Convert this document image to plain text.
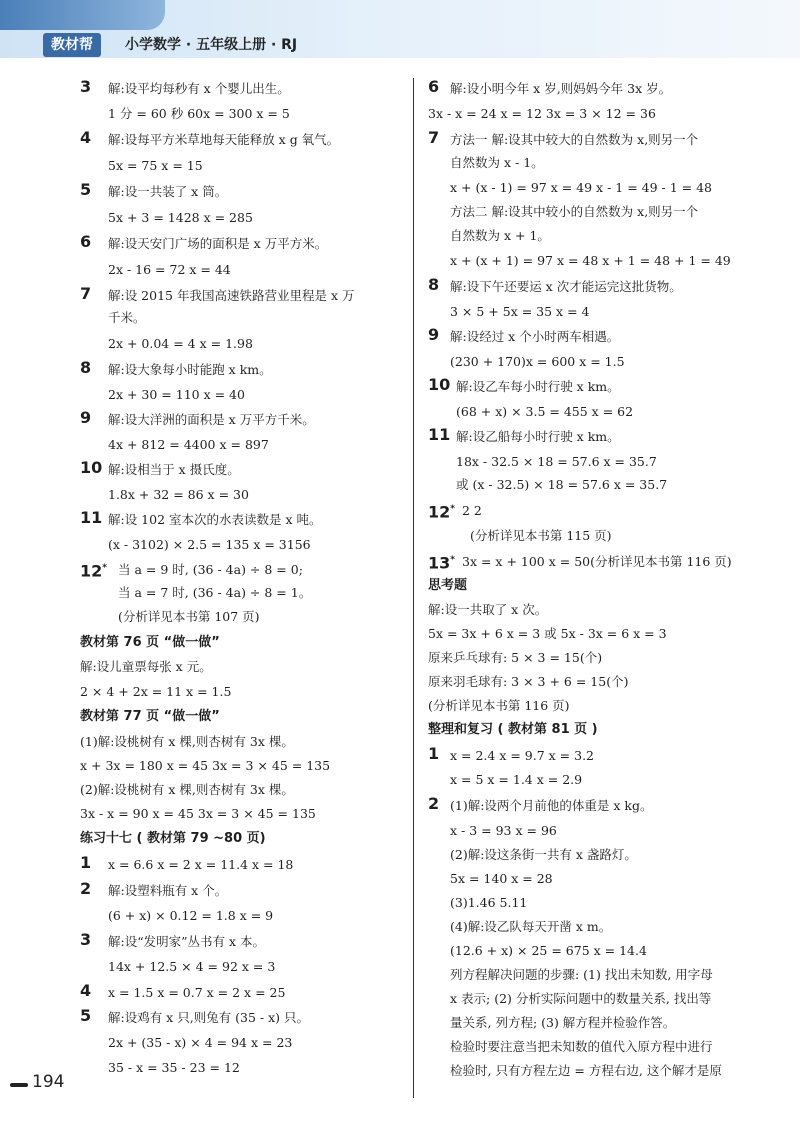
教材帮	小学数学 · 五年级上册 · RJ
3 解:设平均每秒有 x 个婴儿出生。
1 分 = 60 秒 60x = 300 x = 5
4 解:设每平方米草地每天能释放 x g 氧气。
5x = 75 x = 15
5 解:设一共装了 x 筒。
5x + 3 = 1428 x = 285
6 解:设天安门广场的面积是 x 万平方米。
2x - 16 = 72 x = 44
7 解:设 2015 年我国高速铁路营业里程是 x 万
千米。
2x + 0.04 = 4 x = 1.98
8 解:设大象每小时能跑 x km。
2x + 30 = 110 x = 40
9 解:设大洋洲的面积是 x 万平方千米。
4x + 812 = 4400 x = 897
10 解:设相当于 x 摄氏度。
1.8x + 32 = 86 x = 30
11 解:设 102 室本次的水表读数是 x 吨。
(x - 3102) × 2.5 = 135 x = 3156
12* 当 a = 9 时, (36 - 4a) ÷ 8 = 0;
当 a = 7 时, (36 - 4a) ÷ 8 = 1。
(分析详见本书第 107 页)
教材第 76 页 “做一做”
解:设儿童票每张 x 元。
2 × 4 + 2x = 11 x = 1.5
教材第 77 页 “做一做”
(1)解:设桃树有 x 棵,则杏树有 3x 棵。
x + 3x = 180 x = 45 3x = 3 × 45 = 135
(2)解:设桃树有 x 棵,则杏树有 3x 棵。
3x - x = 90 x = 45 3x = 3 × 45 = 135
练习十七 ( 教材第 79 ~80 页)
1 x = 6.6 x = 2 x = 11.4 x = 18
2 解:设塑料瓶有 x 个。
(6 + x) × 0.12 = 1.8 x = 9
3 解:设“发明家”丛书有 x 本。
14x + 12.5 × 4 = 92 x = 3
4 x = 1.5 x = 0.7 x = 2 x = 25
5 解:设鸡有 x 只,则兔有 (35 - x) 只。
2x + (35 - x) × 4 = 94 x = 23
35 - x = 35 - 23 = 12
6 解:设小明今年 x 岁,则妈妈今年 3x 岁。
3x - x = 24 x = 12 3x = 3 × 12 = 36
7 方法一 解:设其中较大的自然数为 x,则另一个
自然数为 x - 1。
x + (x - 1) = 97 x = 49 x - 1 = 49 - 1 = 48
方法二 解:设其中较小的自然数为 x,则另一个
自然数为 x + 1。
x + (x + 1) = 97 x = 48 x + 1 = 48 + 1 = 49
8 解:设下午还要运 x 次才能运完这批货物。
3 × 5 + 5x = 35 x = 4
9 解:设经过 x 个小时两车相遇。
(230 + 170)x = 600 x = 1.5
10 解:设乙车每小时行驶 x km。
(68 + x) × 3.5 = 455 x = 62
11 解:设乙船每小时行驶 x km。
18x - 32.5 × 18 = 57.6 x = 35.7
或 (x - 32.5) × 18 = 57.6 x = 35.7
12* 2 2
(分析详见本书第 115 页)
13* 3x = x + 100 x = 50(分析详见本书第 116 页)
思考题
解:设一共取了 x 次。
5x = 3x + 6 x = 3 或 5x - 3x = 6 x = 3
原来乒乓球有: 5 × 3 = 15(个)
原来羽毛球有: 3 × 3 + 6 = 15(个)
(分析详见本书第 116 页)
整理和复习 ( 教材第 81 页 )
1 x = 2.4 x = 9.7 x = 3.2
x = 5 x = 1.4 x = 2.9
2 (1)解:设两个月前他的体重是 x kg。
x - 3 = 93 x = 96
(2)解:设这条街一共有 x 盏路灯。
5x = 140 x = 28
(3)1.46 5.11
(4)解:设乙队每天开凿 x m。
(12.6 + x) × 25 = 675 x = 14.4
列方程解决问题的步骤: (1) 找出未知数, 用字母
x 表示; (2) 分析实际问题中的数量关系, 找出等
量关系, 列方程; (3) 解方程并检验作答。
检验时要注意当把未知数的值代入原方程中进行
检验时, 只有方程左边 = 方程右边, 这个解才是原
194
